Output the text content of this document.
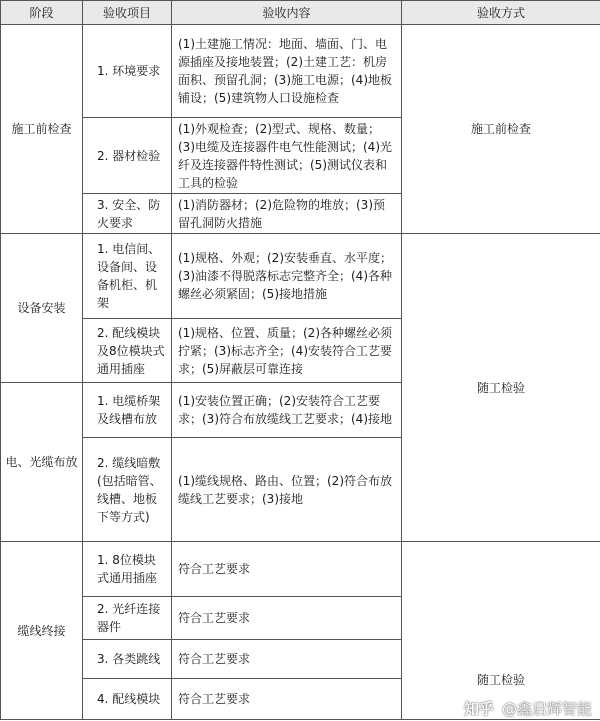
阶段	验收项目	验收内容	验收方式
施工前检查	1. 环境要求	(1)土建施工情况：地面、墙面、门、电源插座及接地装置；(2)土建工艺：机房面积、预留孔洞；(3)施工电源；(4)地板铺设；(5)建筑物人口设施检查	施工前检查
	2. 器材检验	(1)外观检查；(2)型式、规格、数量；(3)电缆及连接器件电气性能测试；(4)光纤及连接器件特性测试；(5)测试仪表和工具的检验	
	3. 安全、防火要求	(1)消防器材；(2)危险物的堆放；(3)预留孔洞防火措施	
设备安装	1. 电信间、设备间、设备机柜、机架	(1)规格、外观；(2)安装垂直、水平度；(3)油漆不得脱落标志完整齐全；(4)各种螺丝必须紧固；(5)接地措施	随工检验
	2. 配线模块及8位模块式通用插座	(1)规格、位置、质量；(2)各种螺丝必须拧紧；(3)标志齐全；(4)安装符合工艺要求；(5)屏蔽层可靠连接	
电、光缆布放	1. 电缆桥架及线槽布放	(1)安装位置正确；(2)安装符合工艺要求；(3)符合布放缆线工艺要求；(4)接地	
	2. 缆线暗敷(包括暗管、线槽、地板下等方式)	(1)缆线规格、路由、位置；(2)符合布放缆线工艺要求；(3)接地	
缆线终接	1. 8位模块式通用插座	符合工艺要求	随工检验
	2. 光纤连接器件	符合工艺要求	
	3. 各类跳线	符合工艺要求	
	4. 配线模块	符合工艺要求	
知乎 @鑫启辉智能
